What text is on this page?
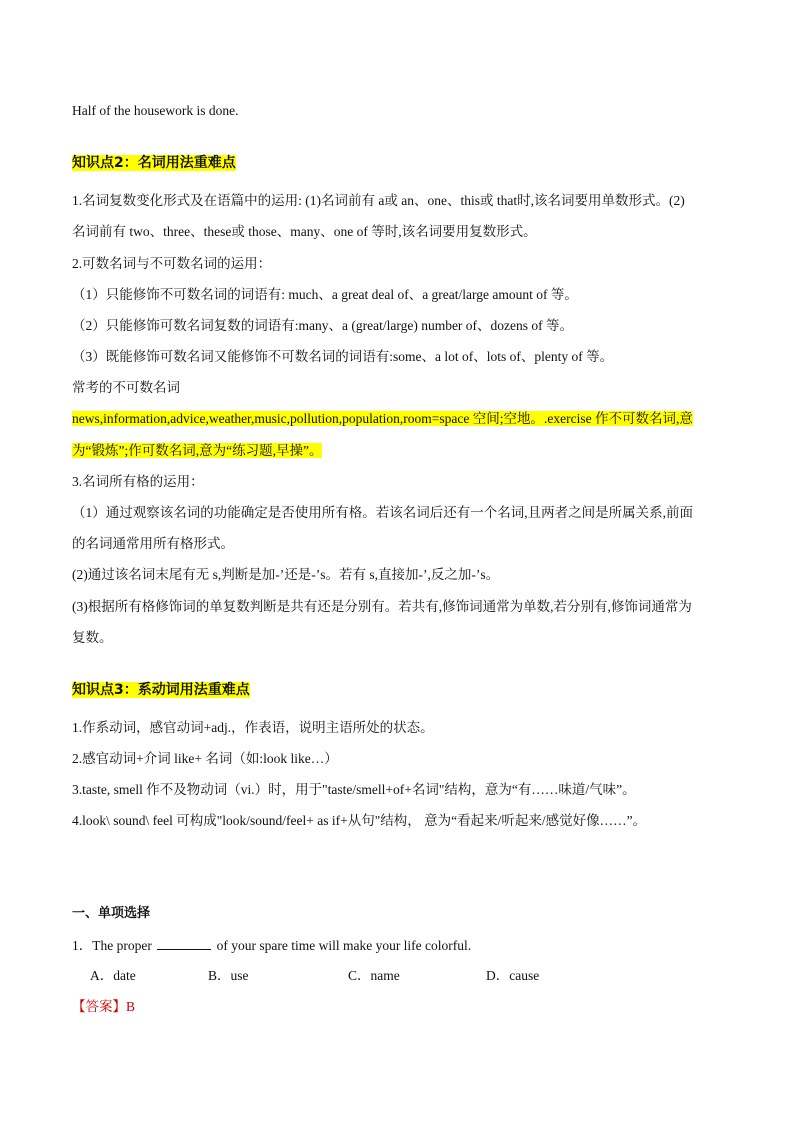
Half of the housework is done.
知识点2：名词用法重难点
1.名词复数变化形式及在语篇中的运用: (1)名词前有 a或 an、one、this或 that时,该名词要用单数形式。(2)
名词前有 two、three、these或 those、many、one of 等时,该名词要用复数形式。
2.可数名词与不可数名词的运用：
（1）只能修饰不可数名词的词语有: much、a great deal of、a great/large amount of 等。
（2）只能修饰可数名词复数的词语有:many、a (great/large) number of、dozens of 等。
（3）既能修饰可数名词又能修饰不可数名词的词语有:some、a lot of、lots of、plenty of 等。
常考的不可数名词
news,information,advice,weather,music,pollution,population,room=space 空间;空地。.exercise 作不可数名词,意
为“锻炼”;作可数名词,意为“练习题,早操”。
3.名词所有格的运用：
（1）通过观察该名词的功能确定是否使用所有格。若该名词后还有一个名词,且两者之间是所属关系,前面
的名词通常用所有格形式。
(2)通过该名词末尾有无 s,判断是加-’还是-’s。若有 s,直接加-’,反之加-’s。
(3)根据所有格修饰词的单复数判断是共有还是分别有。若共有,修饰词通常为单数,若分别有,修饰词通常为
复数。
知识点3：系动词用法重难点
1.作系动词，感官动词+adj.，作表语，说明主语所处的状态。
2.感官动词+介词 like+ 名词（如:look like…）
3.taste, smell 作不及物动词（vi.）时，用于"taste/smell+of+名词"结构，意为“有……味道/气味”。
4.look\ sound\ feel 可构成"look/sound/feel+ as if+从句"结构， 意为“看起来/听起来/感觉好像……”。
一、单项选择
1．The proper	of your spare time will make your life colorful.
A．date	B．use	C．name	D．cause
【答案】B
